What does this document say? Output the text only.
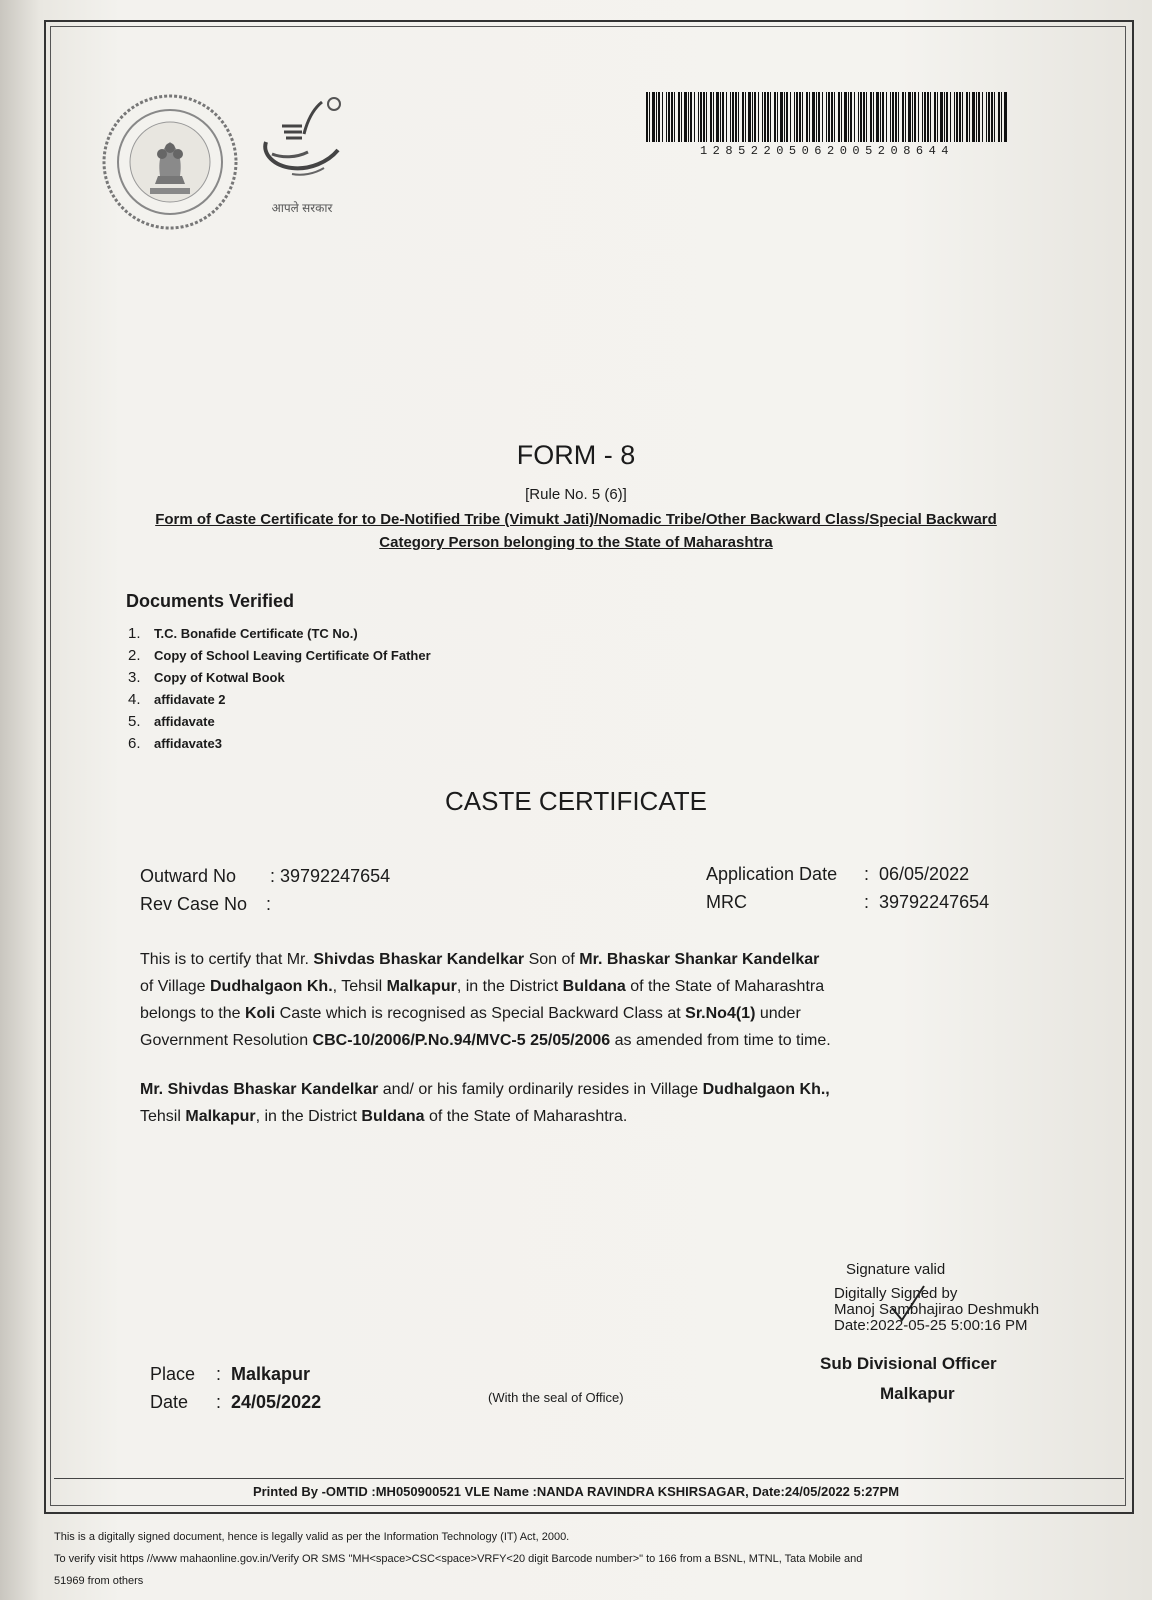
आपले सरकार
12852205062005208644
FORM - 8
[Rule No. 5 (6)]
Form of Caste Certificate for to De-Notified Tribe (Vimukt Jati)/Nomadic Tribe/Other Backward Class/Special Backward Category Person belonging to the State of Maharashtra
Documents Verified
1. T.C. Bonafide Certificate (TC No.)
2. Copy of School Leaving Certificate Of Father
3. Copy of Kotwal Book
4. affidavate 2
5. affidavate
6. affidavate3
CASTE CERTIFICATE
Outward No : 39792247654
Rev Case No :
Application Date :  06/05/2022
MRC	:  39792247654
This is to certify that Mr. Shivdas Bhaskar Kandelkar Son of Mr. Bhaskar Shankar Kandelkar
of Village Dudhalgaon Kh., Tehsil Malkapur, in the District Buldana of the State of Maharashtra
belongs to the Koli Caste which is recognised as Special Backward Class at Sr.No4(1) under
Government Resolution CBC-10/2006/P.No.94/MVC-5 25/05/2006 as amended from time to time.
Mr. Shivdas Bhaskar Kandelkar and/ or his family ordinarily resides in Village Dudhalgaon Kh.,
Tehsil Malkapur, in the District Buldana of the State of Maharashtra.
Signature valid
Digitally Signed by
Manoj Sambhajirao Deshmukh
Date:2022-05-25 5:00:16 PM
Sub Divisional Officer
Malkapur
Place :  Malkapur
Date :  24/05/2022	(With the seal of Office)
Printed By -OMTID :MH050900521 VLE Name :NANDA RAVINDRA KSHIRSAGAR, Date:24/05/2022 5:27PM
This is a digitally signed document, hence is legally valid as per the Information Technology (IT) Act, 2000.
To verify visit https //www mahaonline.gov.in/Verify OR SMS "MH<space>CSC<space>VRFY<20 digit Barcode number>" to 166 from a BSNL, MTNL, Tata Mobile and
51969 from others
